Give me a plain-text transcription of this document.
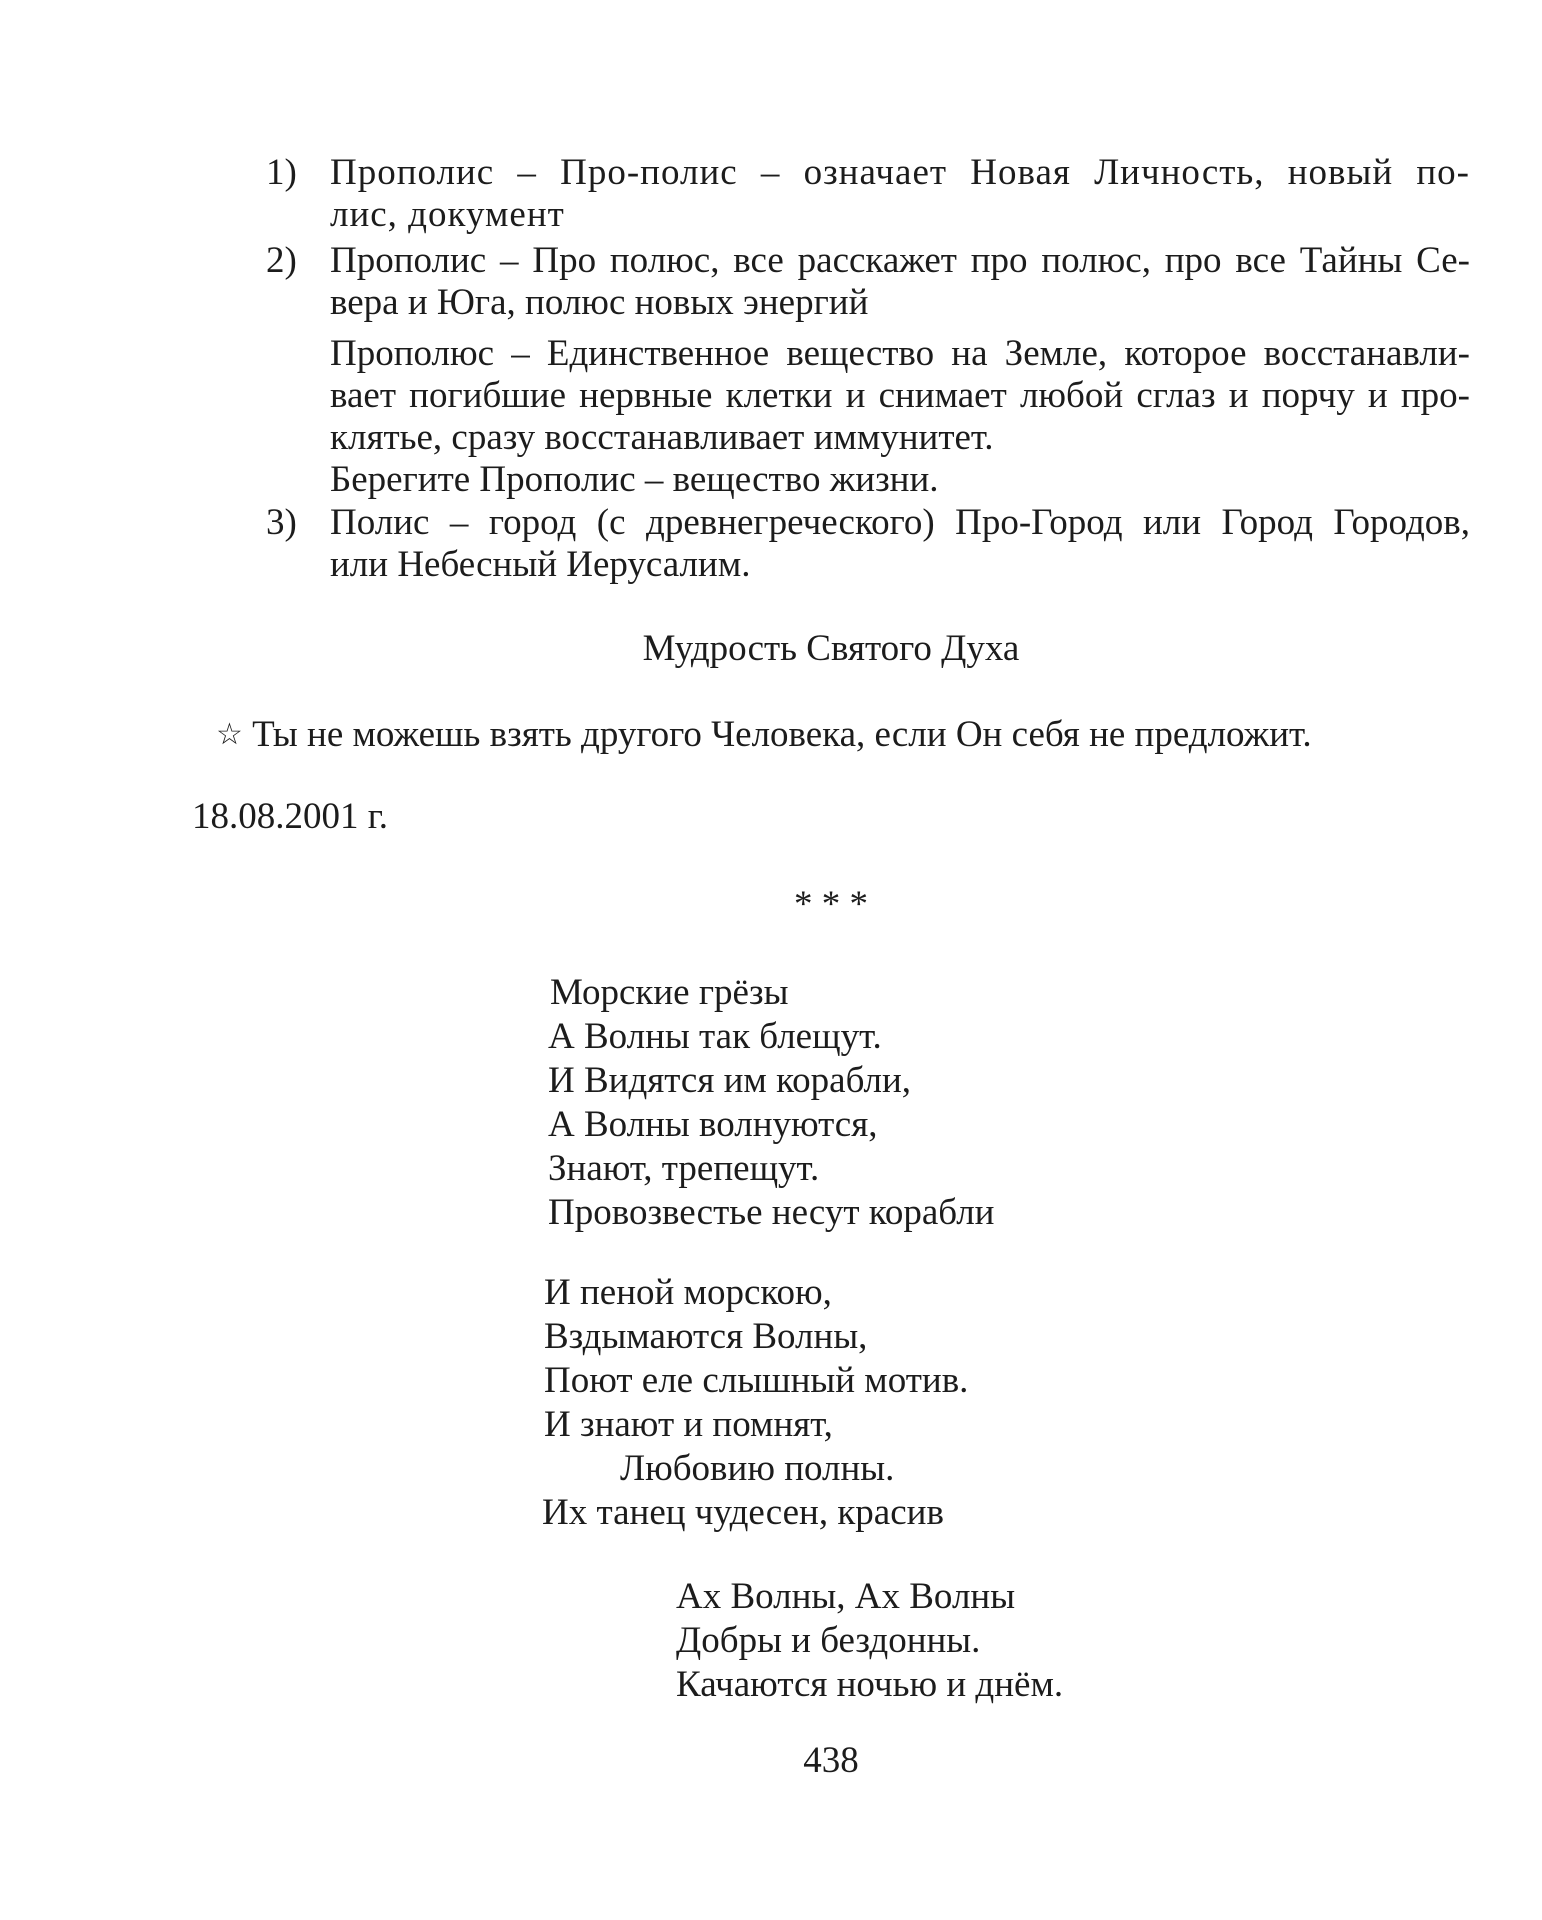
1) Прополис – Про-полис – означает Новая Личность, новый по-
лис, документ
2) Прополис – Про полюс, все расскажет про полюс, про все Тайны Се-
вера и Юга, полюс новых энергий
Прополюс – Единственное вещество на Земле, которое восстанавли-
вает погибшие нервные клетки и снимает любой сглаз и порчу и про-
клятье, сразу восстанавливает иммунитет.
Берегите Прополис – вещество жизни.
3) Полис – город (с древнегреческого) Про-Город или Город Городов,
или Небесный Иерусалим.
Мудрость Святого Духа
☆ Ты не можешь взять другого Человека, если Он себя не предложит.
18.08.2001 г.
* * *
Морские грёзы
А Волны так блещут.
И Видятся им корабли,
А Волны волнуются,
Знают, трепещут.
Провозвестье несут корабли
И пеной морскою,
Вздымаются Волны,
Поют еле слышный мотив.
И знают и помнят,
Любовию полны.
Их танец чудесен, красив
Ах Волны, Ах Волны
Добры и бездонны.
Качаются ночью и днём.
438
